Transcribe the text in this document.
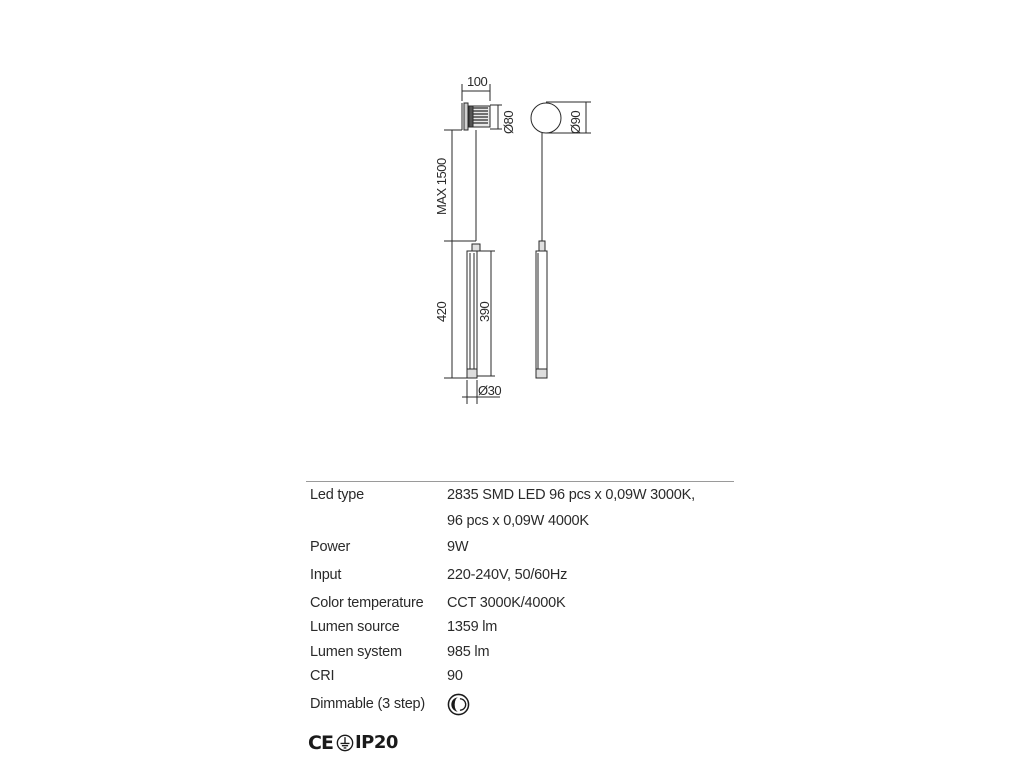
100
Ø80	Ø90
MAX 1500
420 390
Ø30
Led type	2835 SMD LED 96 pcs x 0,09W 3000K,
96 pcs x 0,09W 4000K
Power	9W
Input	220-240V, 50/60Hz
Color temperature CCT 3000K/4000K
Lumen source	1359 lm
Lumen system	985 lm
CRI	90
Dimmable (3 step)
CE IP20
